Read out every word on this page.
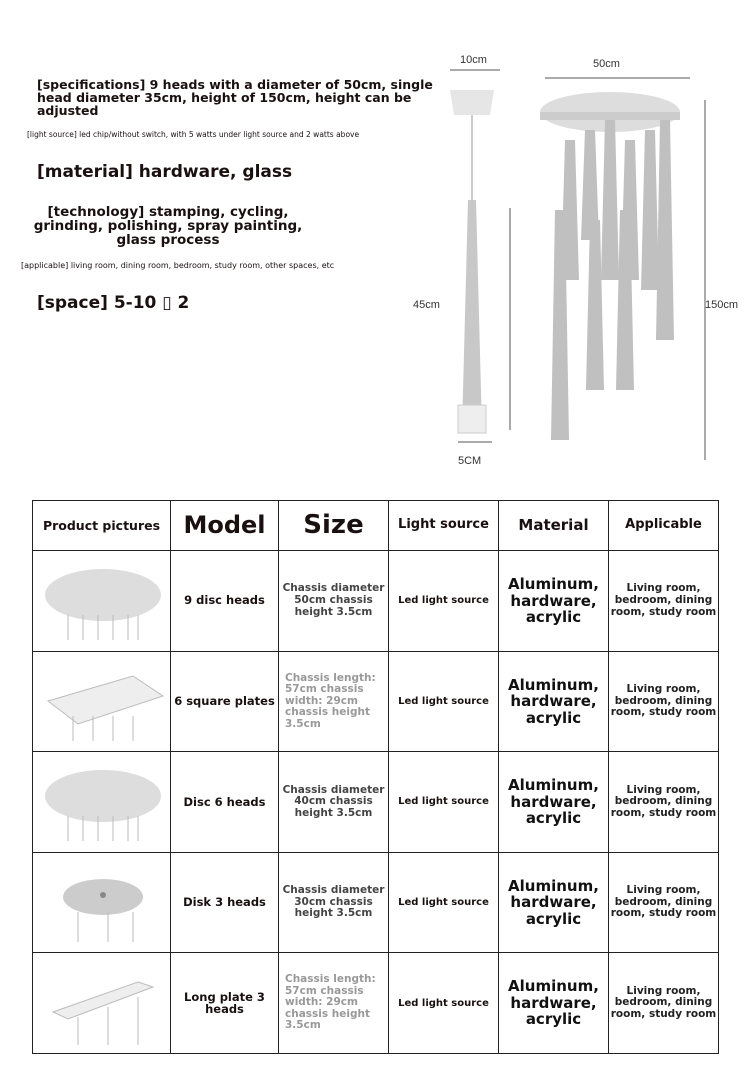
[specifications] 9 heads with a diameter of 50cm, single head diameter 35cm, height of 150cm, height can be adjusted
[light source] led chip/without switch, with 5 watts under light source and 2 watts above
[material] hardware, glass
[technology] stamping, cycling, grinding, polishing, spray painting, glass process
[applicable] living room, dining room, bedroom, study room, other spaces, etc
[space] 5-10 ▯ 2
10cm	50cm
45cm	150cm
5CM
Product pictures	Model	Size	Light source	Material	Applicable
	9 disc heads	Chassis diameter 50cm chassis height 3.5cm	Led light source	Aluminum, hardware, acrylic	Living room, bedroom, dining room, study room
	6 square plates	Chassis length: 57cm chassis width: 29cm chassis height 3.5cm	Led light source	Aluminum, hardware, acrylic	Living room, bedroom, dining room, study room
	Disc 6 heads	Chassis diameter 40cm chassis height 3.5cm	Led light source	Aluminum, hardware, acrylic	Living room, bedroom, dining room, study room
	Disk 3 heads	Chassis diameter 30cm chassis height 3.5cm	Led light source	Aluminum, hardware, acrylic	Living room, bedroom, dining room, study room
	Long plate 3 heads	Chassis length: 57cm chassis width: 29cm chassis height 3.5cm	Led light source	Aluminum, hardware, acrylic	Living room, bedroom, dining room, study room
